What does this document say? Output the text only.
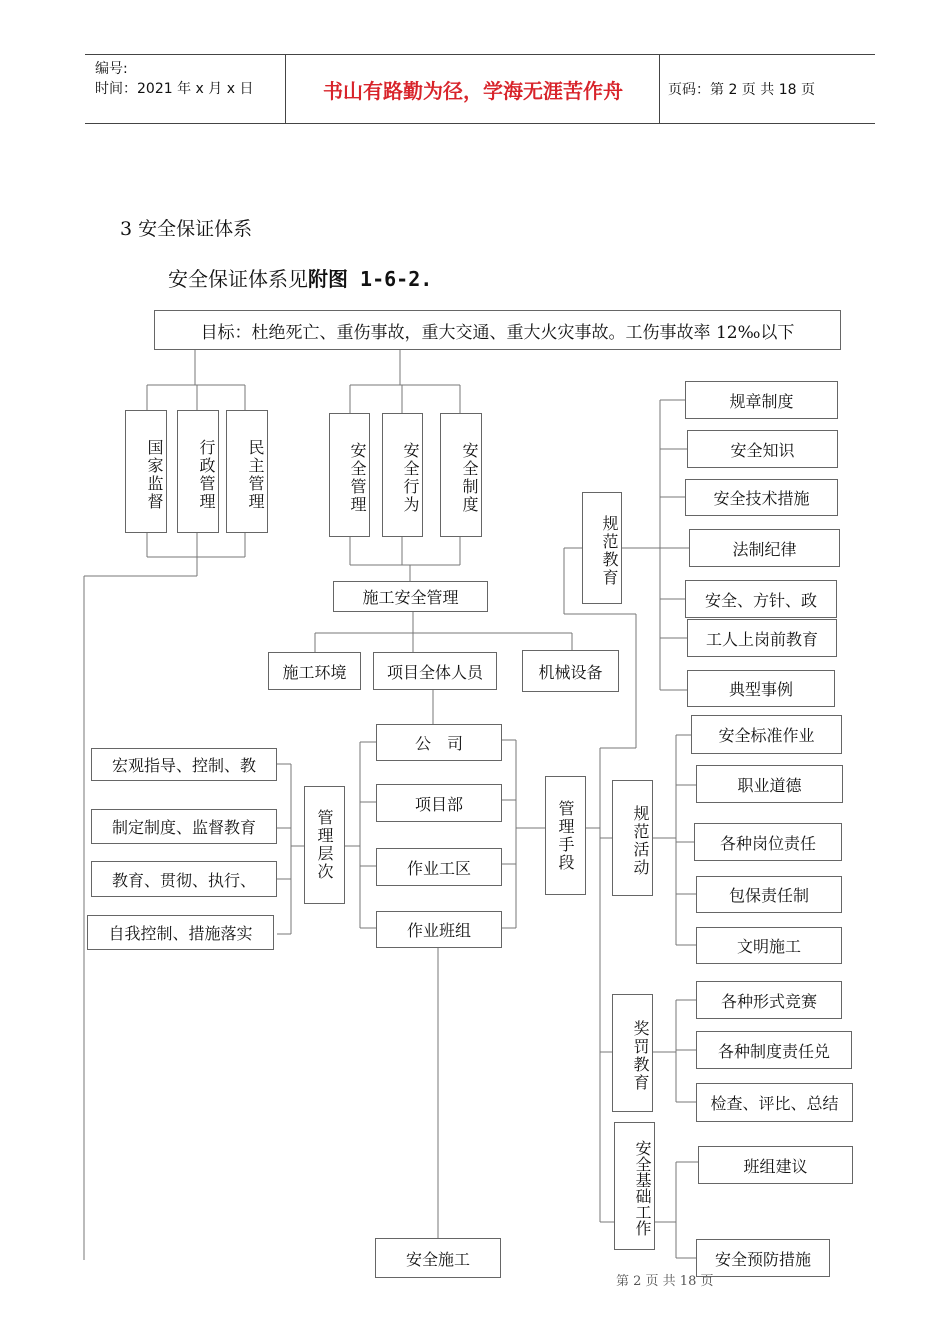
编号:
时间：2021 年 x 月 x 日	书山有路勤为径，学海无涯苦作舟	页码：第 2 页 共 18 页
3 安全保证体系
安全保证体系见附图 1-6-2.
目标：杜绝死亡、重伤事故，重大交通、重大火灾事故。工伤事故率 12‰以下
国家监督	行政管理	民主管理	安全管理	安全行为	安全制度
施工安全管理
施工环境	项目全体人员	机械设备
公　司
项目部
作业工区
作业班组
管理层次
宏观指导、控制、教
制定制度、监督教育
教育、贯彻、执行、
自我控制、措施落实
管理手段
规范教育
规章制度
安全知识
安全技术措施
法制纪律
安全、方针、政
工人上岗前教育
典型事例
规范活动
安全标准作业
职业道德
各种岗位责任
包保责任制
文明施工
奖罚教育
各种形式竞赛
各种制度责任兑
检查、评比、总结
安全基础工作	班组建议
安全预防措施
安全施工
第 2 页 共 18 页
